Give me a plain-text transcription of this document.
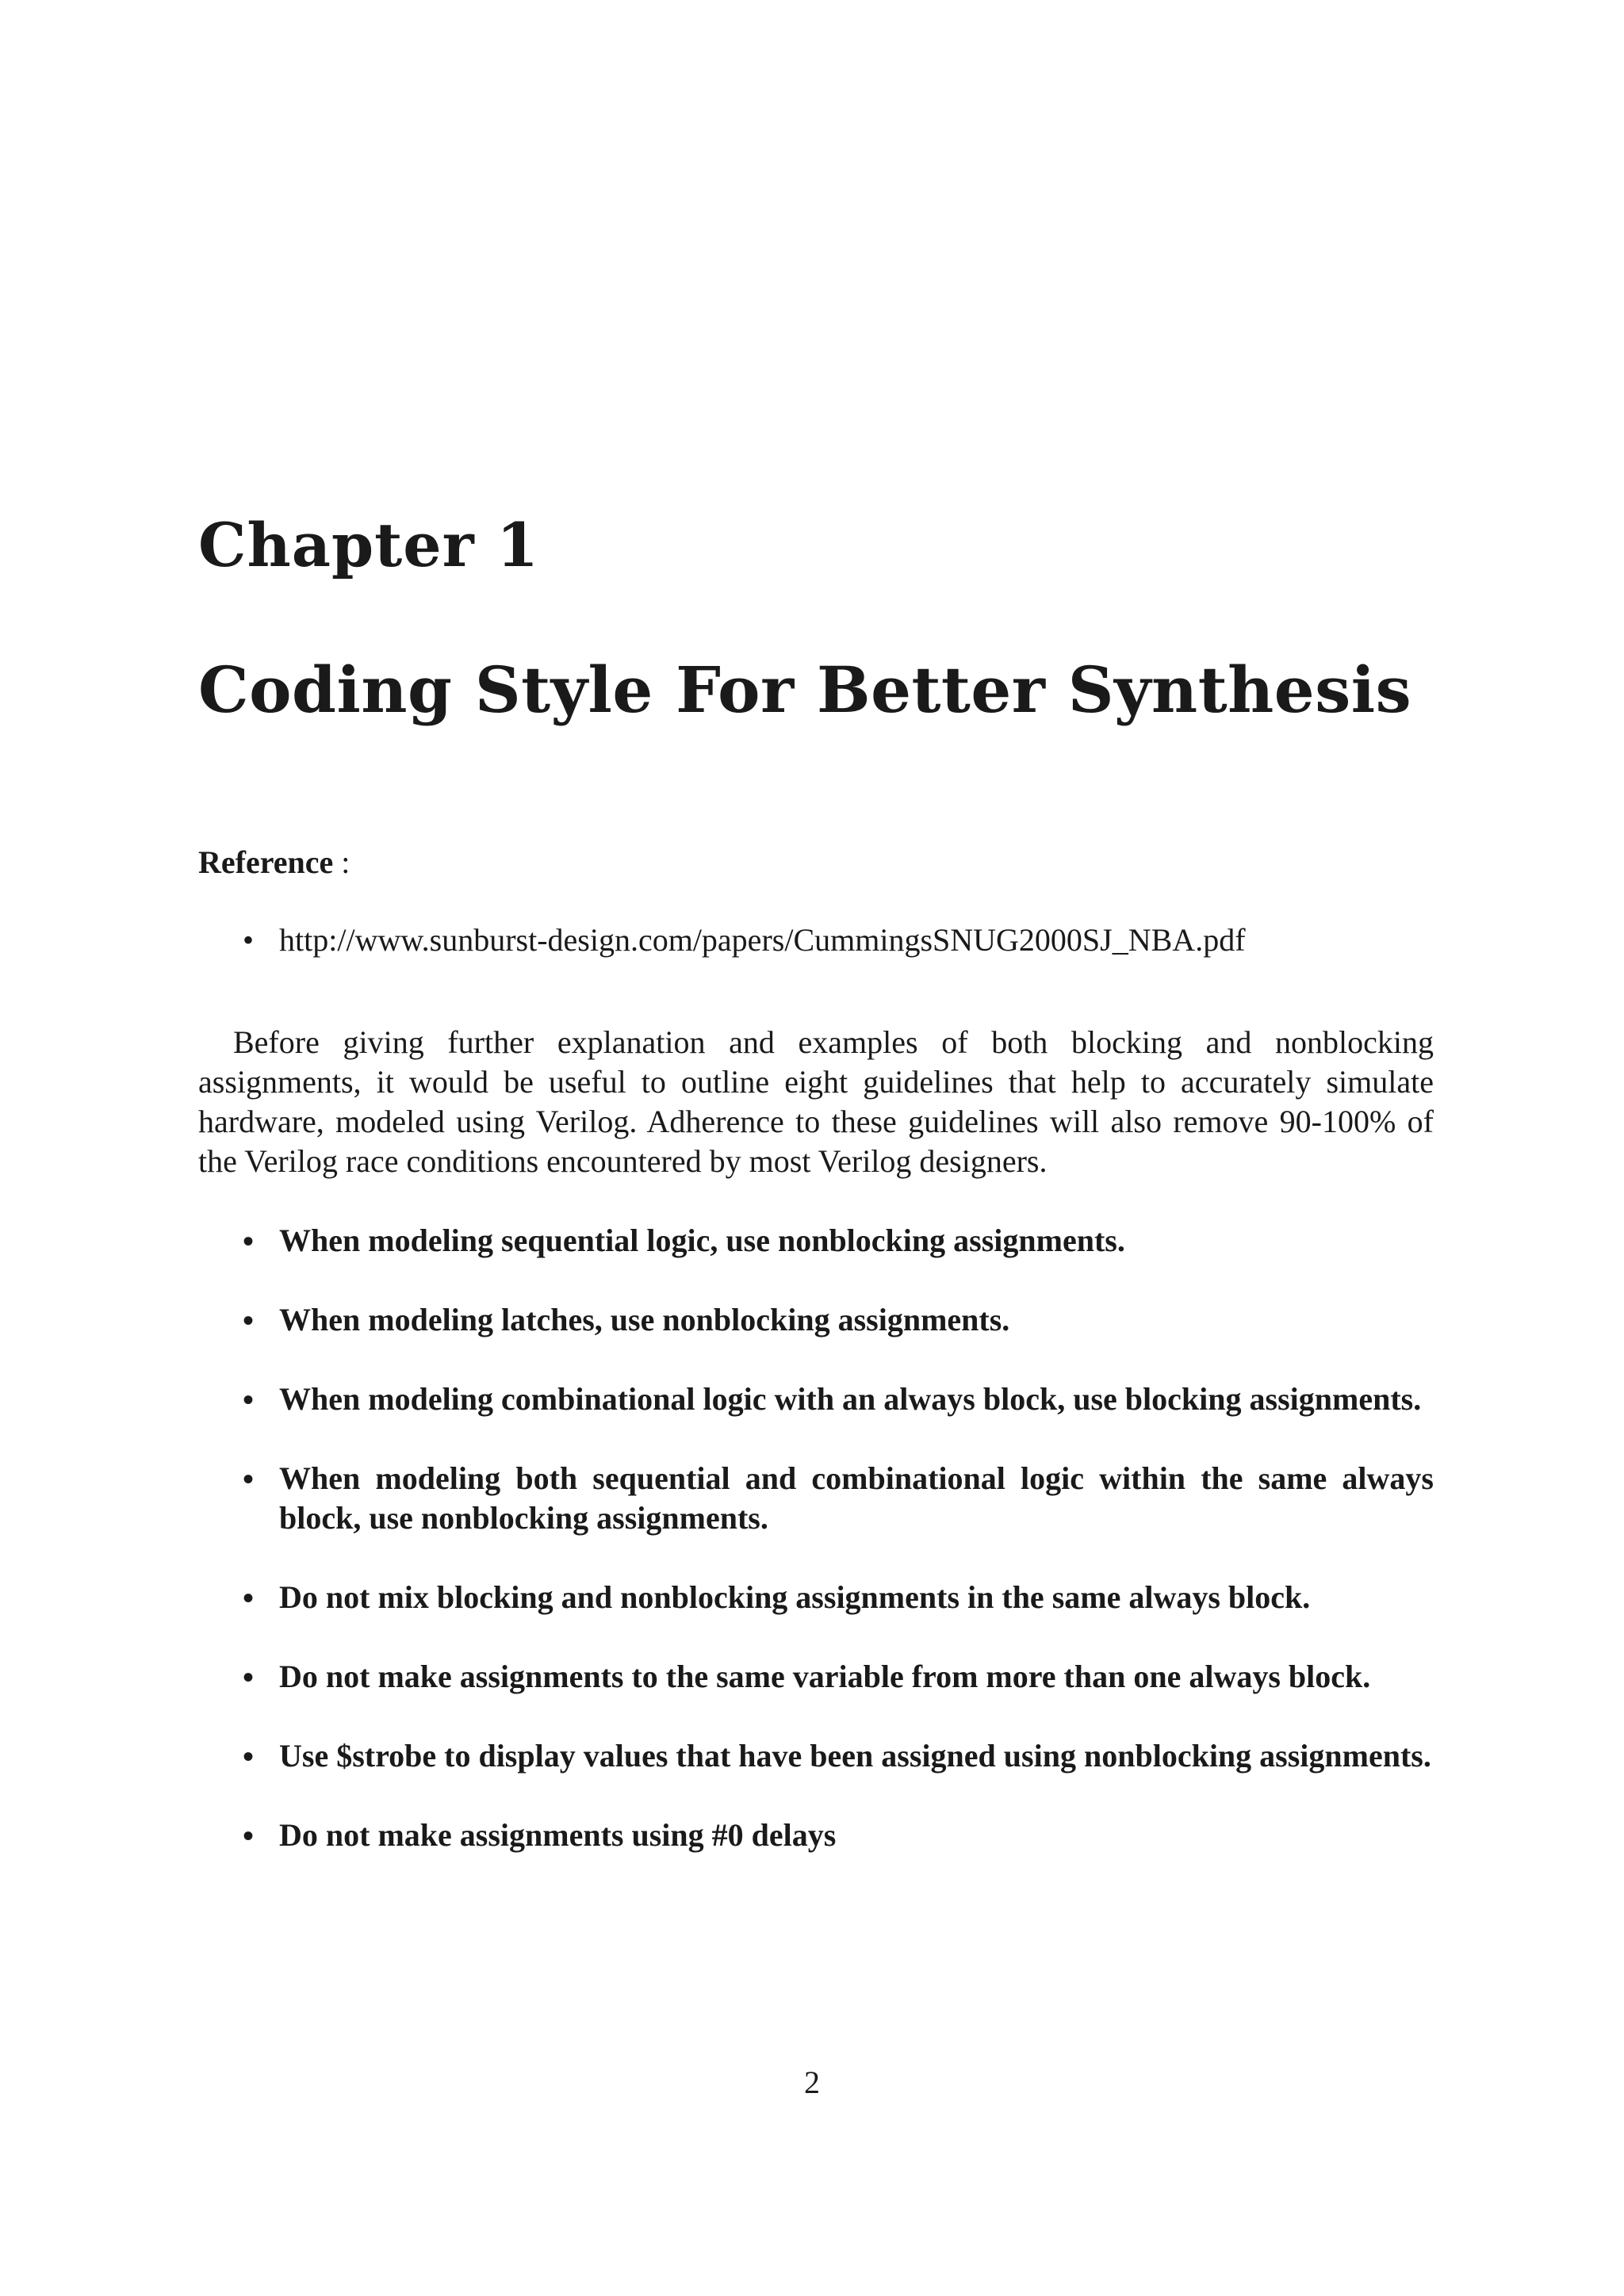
Chapter 1
Coding Style For Better Synthesis
Reference :
• http://www.sunburst-design.com/papers/CummingsSNUG2000SJ_NBA.pdf

Before giving further explanation and examples of both blocking and nonblocking assignments, it would be useful to outline eight guidelines that help to accurately simulate hardware, modeled using Verilog. Adherence to these guidelines will also remove 90-100% of the Verilog race conditions encountered by most Verilog designers.

• When modeling sequential logic, use nonblocking assignments.
• When modeling latches, use nonblocking assignments.
• When modeling combinational logic with an always block, use blocking assignments.
• When modeling both sequential and combinational logic within the same always block, use nonblocking assignments.
• Do not mix blocking and nonblocking assignments in the same always block.
• Do not make assignments to the same variable from more than one always block.
• Use $strobe to display values that have been assigned using nonblocking assignments.
• Do not make assignments using #0 delays
2
